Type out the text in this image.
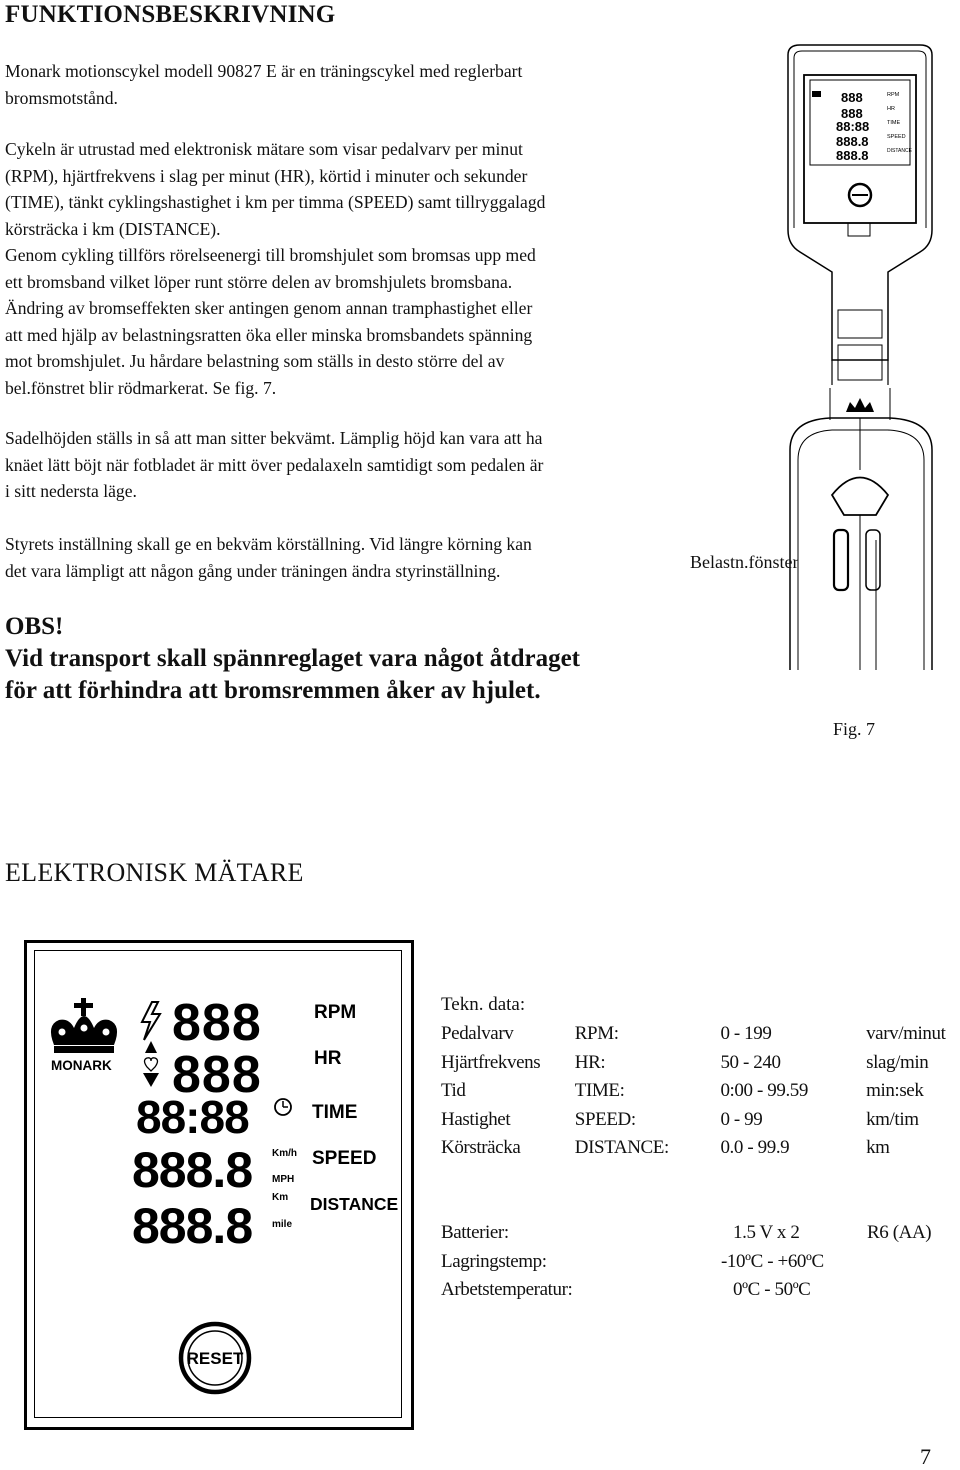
FUNKTIONSBESKRIVNING

Monark motionscykel modell 90827 E är en träningscykel med reglerbart

bromsmotstånd.

Cykeln är utrustad med elektronisk mätare som visar pedalvarv per minut

(RPM), hjärtfrekvens i slag per minut (HR), körtid i minuter och sekunder

(TIME), tänkt cyklingshastighet i km per timma (SPEED) samt tillryggalagd

körsträcka i km (DISTANCE).

Genom cykling tillförs rörelseenergi till bromshjulet som bromsas upp med

ett bromsband vilket löper runt större delen av bromshjulets bromsbana.

Ändring av bromseffekten sker antingen genom annan tramphastighet eller

att med hjälp av belastningsratten öka eller minska bromsbandets spänning

mot bromshjulet. Ju hårdare belastning som ställs in desto större del av

bel.fönstret blir rödmarkerat. Se fig. 7.

Sadelhöjden ställs in så att man sitter bekvämt. Lämplig höjd kan vara att ha

knäet lätt böjt när fotbladet är mitt över pedalaxeln samtidigt som pedalen är

i sitt nedersta läge.

Styrets inställning skall ge en bekväm körställning. Vid längre körning kan

det vara lämpligt att någon gång under träningen ändra styrinställning.

OBS!
Vid transport skall spännreglaget vara något åtdraget
för att förhindra att bromsremmen åker av hjulet.
888
888
88:88
888.8
888.8
RPM
HR
TIME
SPEED
DISTANCE
Belastn.fönster
Fig. 7
ELEKTRONISK MÄTARE
MONARK
888
888
88:88
888.8
888.8
Km/h
MPH
Km
mile
RPM
HR
TIME
SPEED
DISTANCE
RESET
Tekn. data:
Pedalvarv	RPM:	0 - 199	varv/minut
Hjärtfrekvens	HR:	50 - 240	slag/min
Tid	TIME:	0:00 - 99.59	min:sek
Hastighet	SPEED:	0 - 99	km/tim
Körsträcka	DISTANCE:	0.0 - 99.9	km
Batterier:	1.5 V x 2	R6 (AA)
Lagringstemp:	-10ºC - +60ºC	
Arbetstemperatur:	0ºC - 50ºC	
7
